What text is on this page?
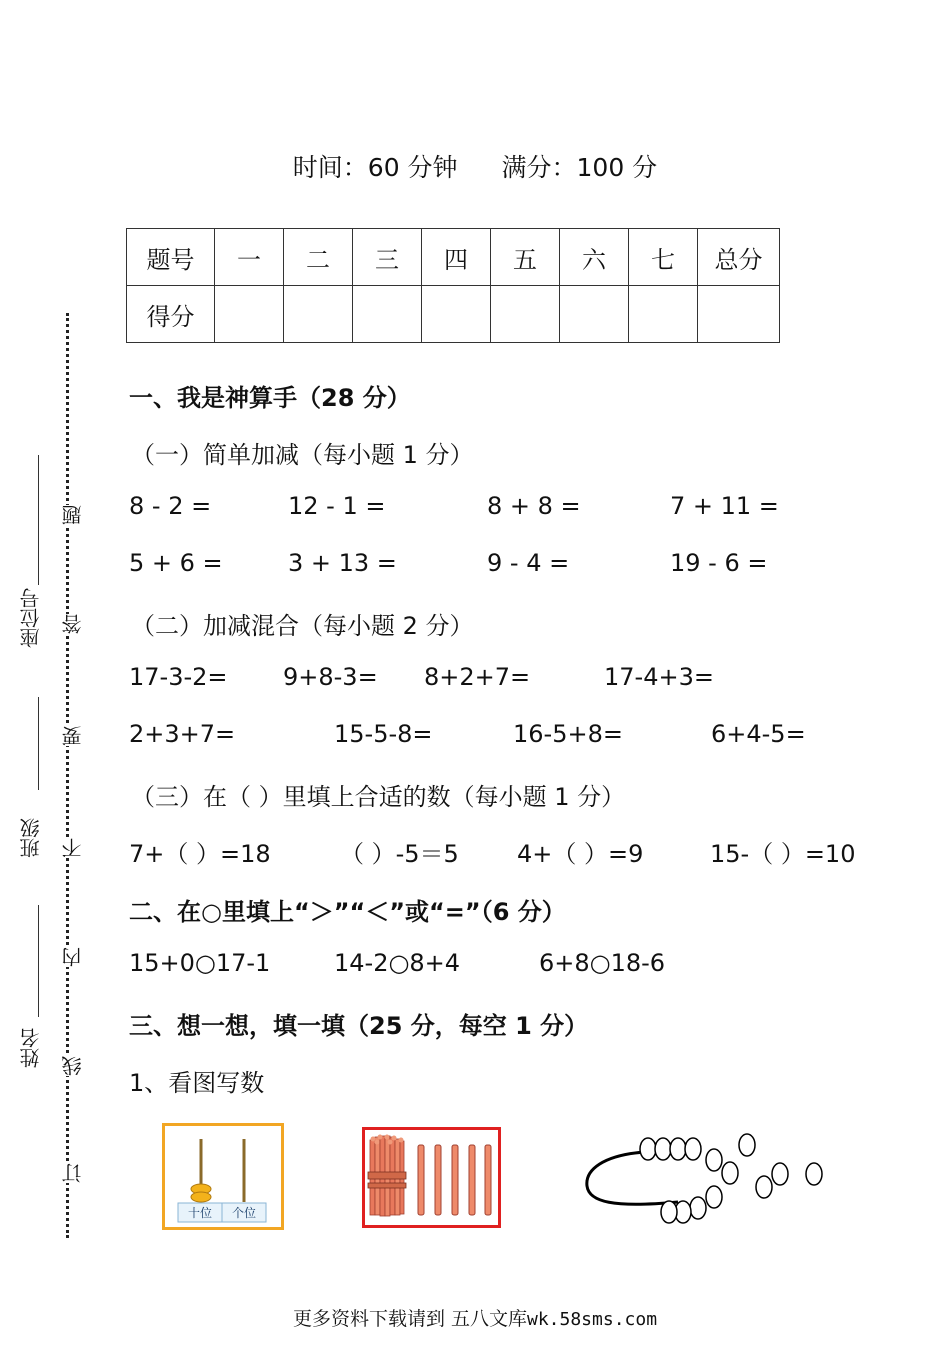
时间：60 分钟 满分：100 分
题号	一	二	三	四	五	六	七	总分
得分								
一、我是神算手（28 分）
（一）简单加减（每小题 1 分）
8 - 2 =	12 - 1 =	8 + 8 =	7 + 11 =
5 + 6 =	3 + 13 =	9 - 4 =	19 - 6 =
（二）加减混合（每小题 2 分）
17-3-2= 9+8-3= 8+2+7=	17-4+3=
2+3+7=	15-5-8=	16-5+8=	6+4-5=
（三）在（ ）里填上合适的数（每小题 1 分）
7+（ ）=18	（ ）-5＝5 4+（ ）=9	15-（ ）=10
二、在○里填上“＞”“＜”或“=”（6 分）
15+0○17-1	14-2○8+4	6+8○18-6
三、想一想，填一填（25 分，每空 1 分）
1、看图写数
十位 个位
座位号
班级
姓名
题
答
要
不
内
线
订
更多资料下载请到 五八文库wk.58sms.com
